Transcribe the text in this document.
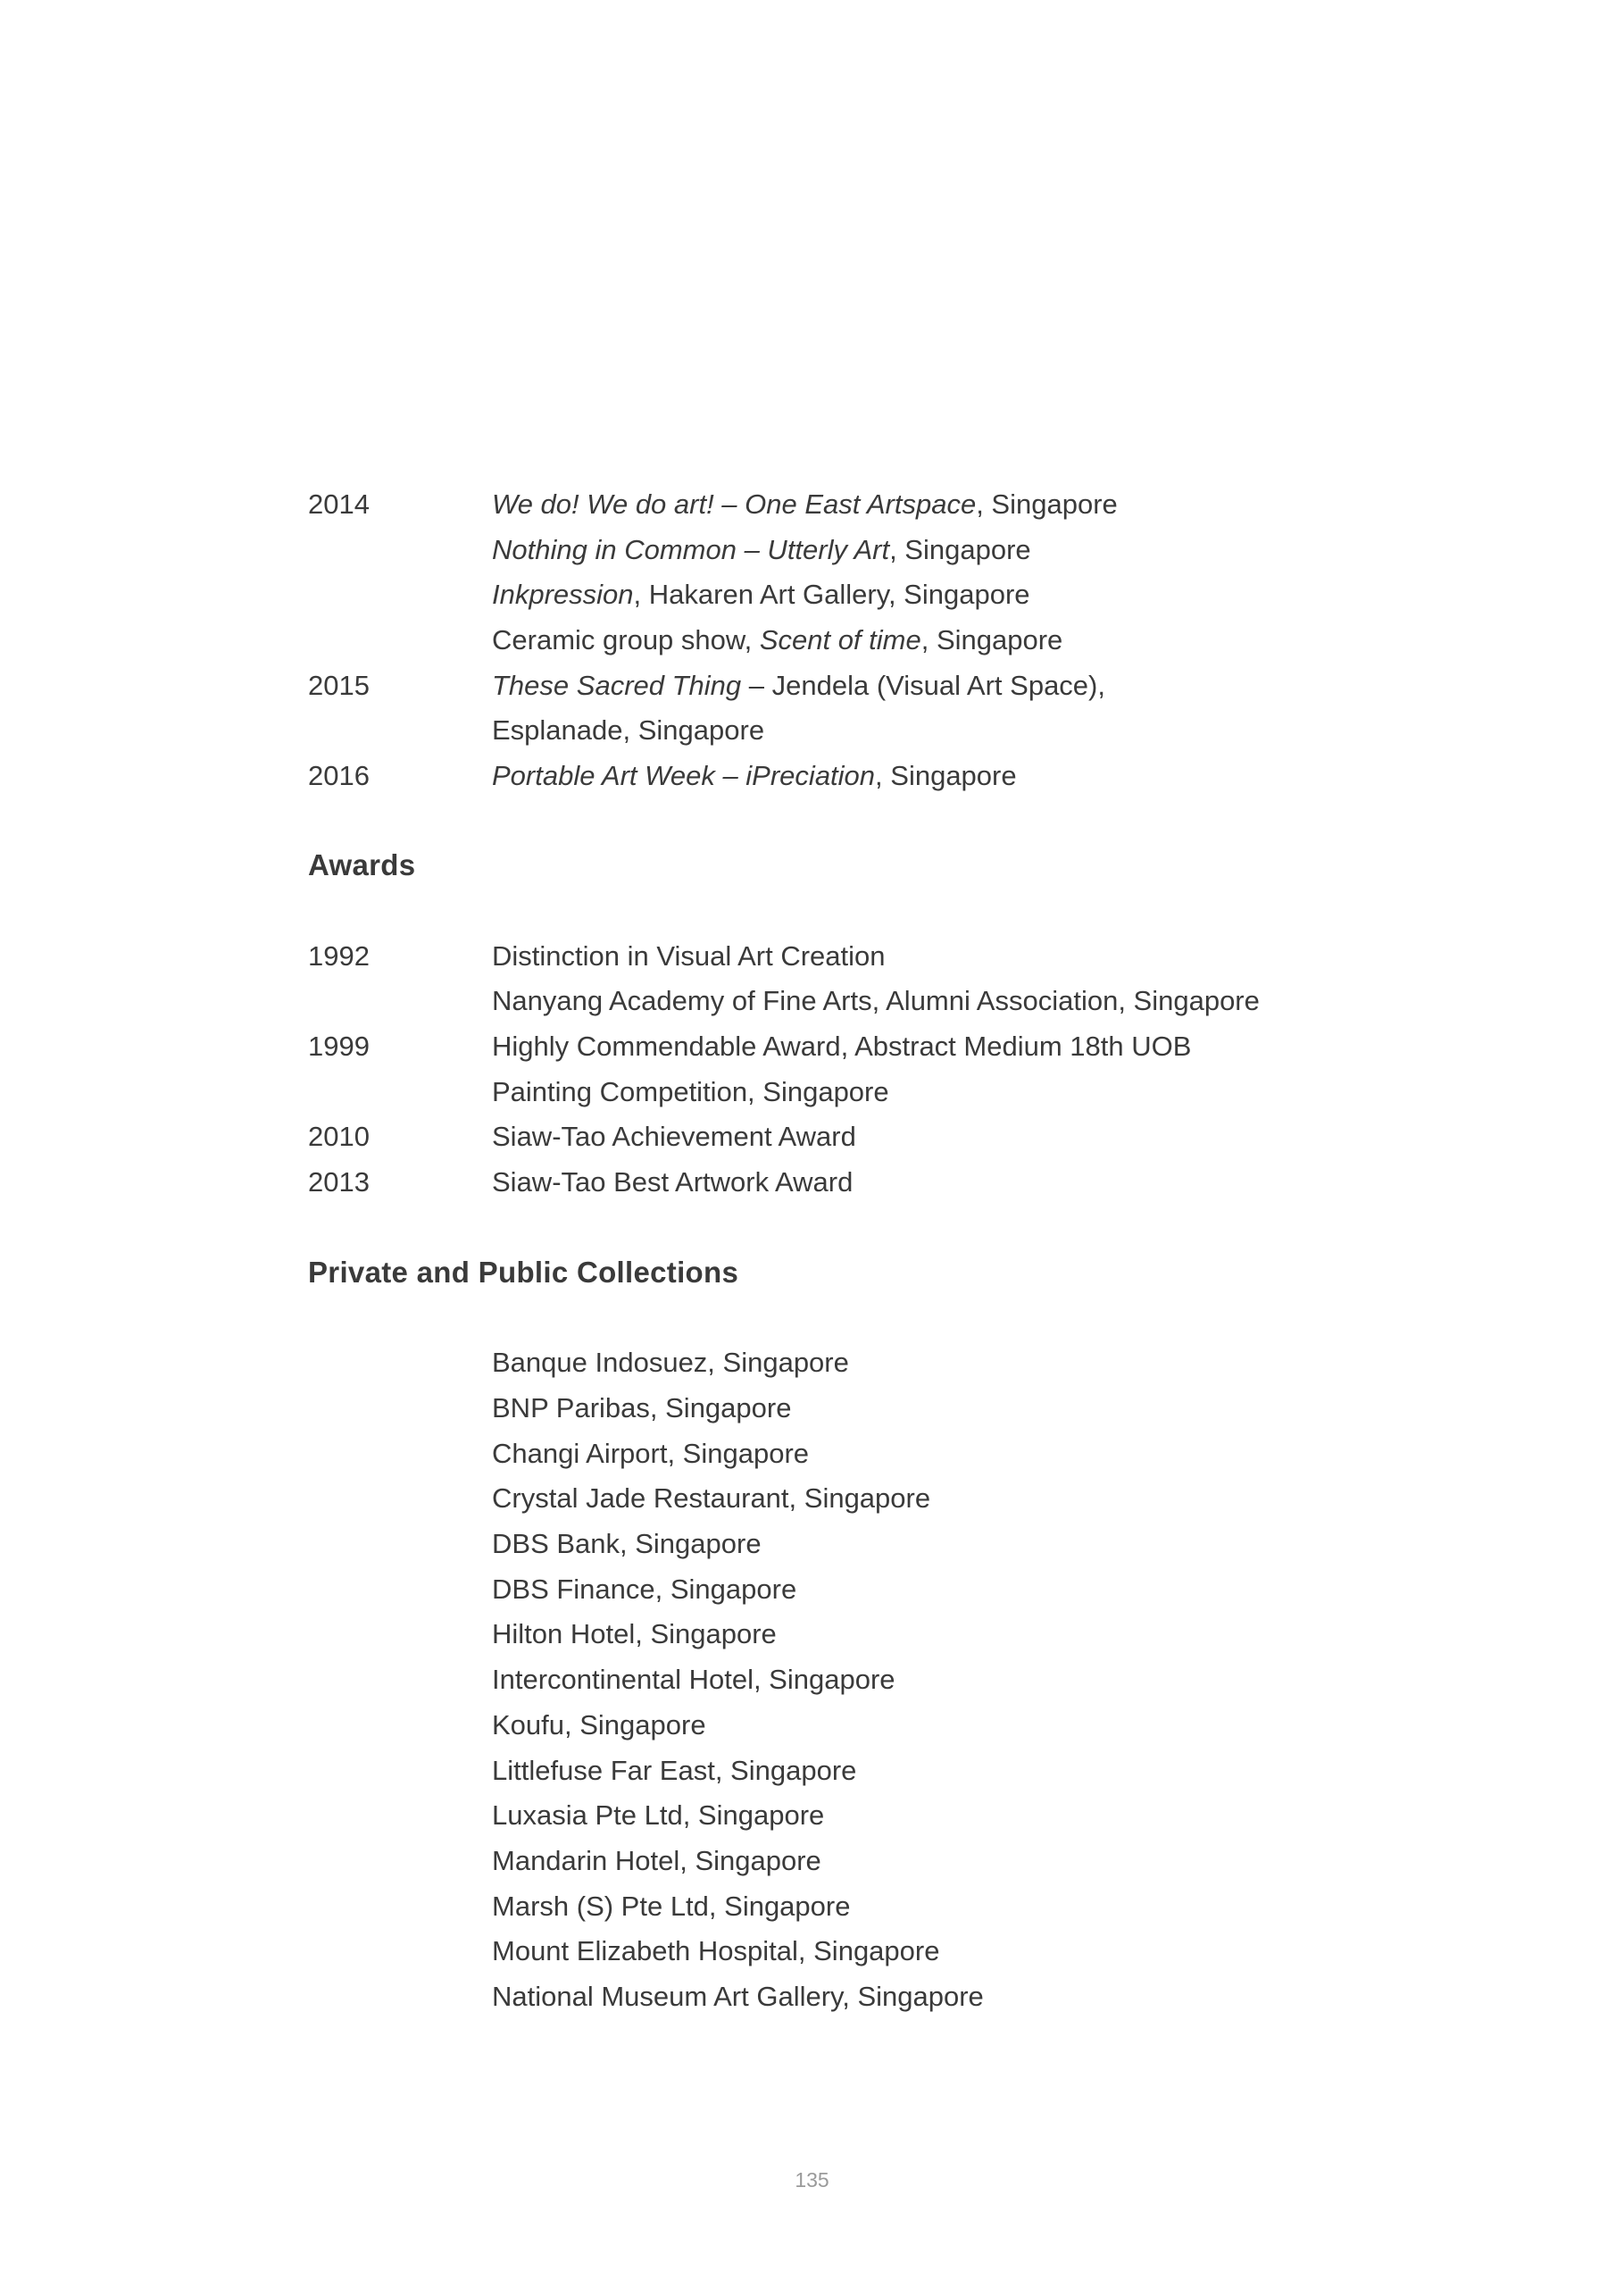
2014	We do! We do art! – One East Artspace, Singapore
Nothing in Common – Utterly Art, Singapore
Inkpression, Hakaren Art Gallery, Singapore
Ceramic group show, Scent of time, Singapore
2015	These Sacred Thing – Jendela (Visual Art Space),
Esplanade, Singapore
2016	Portable Art Week – iPreciation, Singapore
Awards
1992	Distinction in Visual Art Creation
Nanyang Academy of Fine Arts, Alumni Association, Singapore
1999	Highly Commendable Award, Abstract Medium 18th UOB
Painting Competition, Singapore
2010	Siaw-Tao Achievement Award
2013	Siaw-Tao Best Artwork Award
Private and Public Collections
Banque Indosuez, Singapore
BNP Paribas, Singapore
Changi Airport, Singapore
Crystal Jade Restaurant, Singapore
DBS Bank, Singapore
DBS Finance, Singapore
Hilton Hotel, Singapore
Intercontinental Hotel, Singapore
Koufu, Singapore
Littlefuse Far East, Singapore
Luxasia Pte Ltd, Singapore
Mandarin Hotel, Singapore
Marsh (S) Pte Ltd, Singapore
Mount Elizabeth Hospital, Singapore
National Museum Art Gallery, Singapore
135
